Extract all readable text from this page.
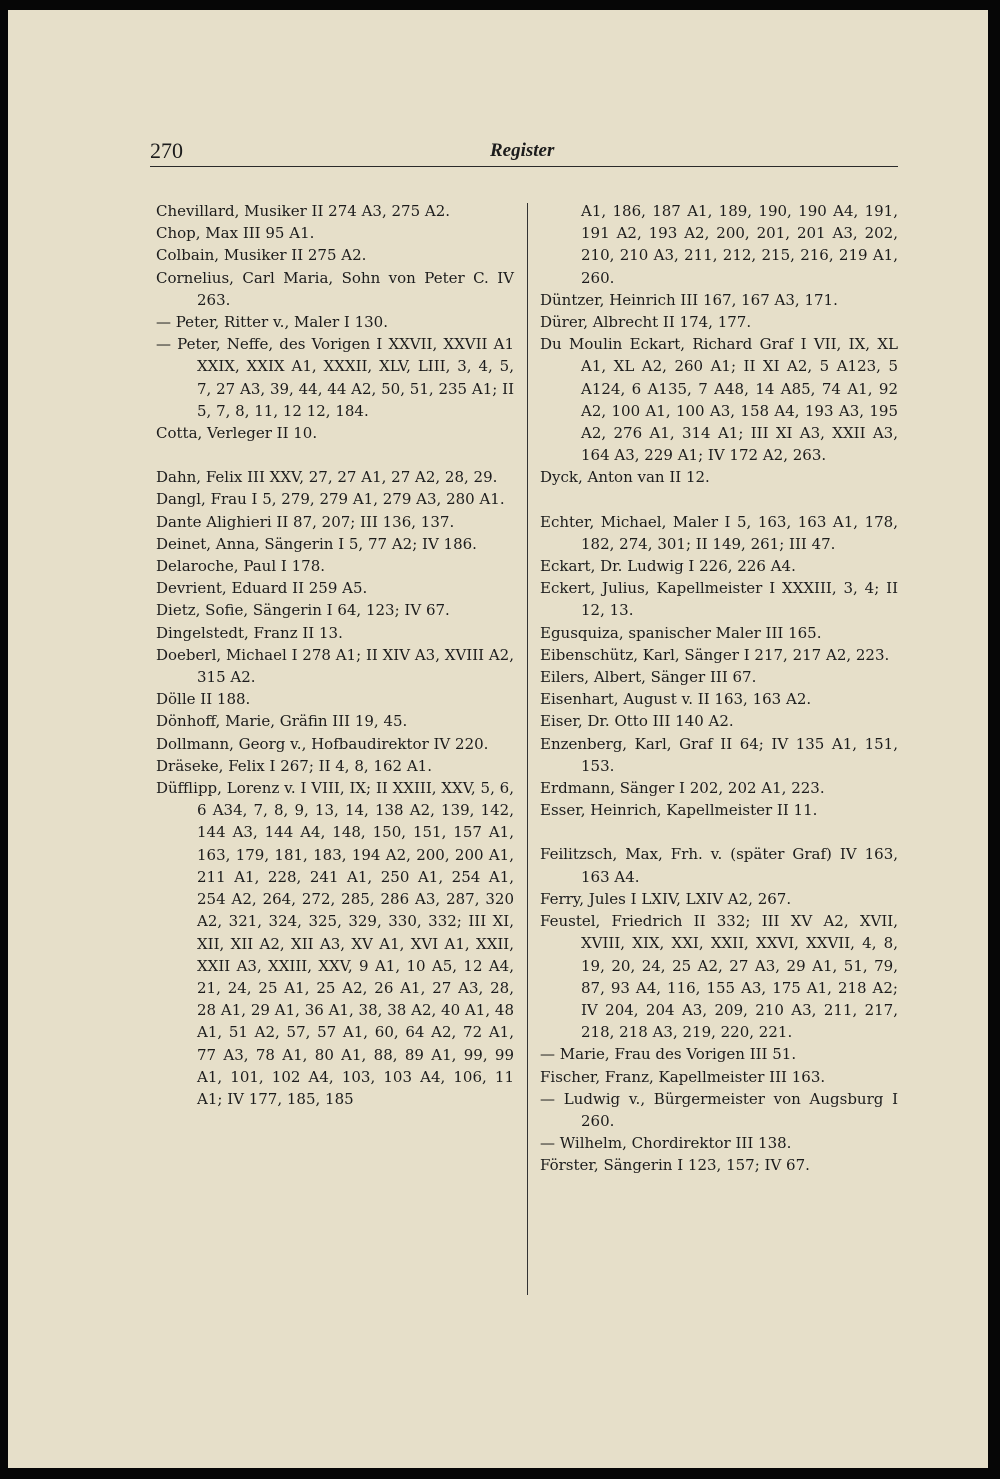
270	Register

Chevillard, Musiker II 274 A3, 275 A2.

Chop, Max III 95 A1.

Colbain, Musiker II 275 A2.

Cornelius, Carl Maria, Sohn von Peter C. IV 263.

— Peter, Ritter v., Maler I 130.

— Peter, Neffe, des Vorigen I XXVII, XXVII A1 XXIX, XXIX A1, XXXII, XLV, LIII, 3, 4, 5, 7, 27 A3, 39, 44, 44 A2, 50, 51, 235 A1; II 5, 7, 8, 11, 12 12, 184.

Cotta, Verleger II 10.

Dahn, Felix III XXV, 27, 27 A1, 27 A2, 28, 29.

Dangl, Frau I 5, 279, 279 A1, 279 A3, 280 A1.

Dante Alighieri II 87, 207; III 136, 137.

Deinet, Anna, Sängerin I 5, 77 A2; IV 186.

Delaroche, Paul I 178.

Devrient, Eduard II 259 A5.

Dietz, Sofie, Sängerin I 64, 123; IV 67.

Dingelstedt, Franz II 13.

Doeberl, Michael I 278 A1; II XIV A3, XVIII A2, 315 A2.

Dölle II 188.

Dönhoff, Marie, Gräfin III 19, 45.

Dollmann, Georg v., Hofbaudirektor IV 220.

Dräseke, Felix I 267; II 4, 8, 162 A1.

Düfflipp, Lorenz v. I VIII, IX; II XXIII, XXV, 5, 6, 6 A34, 7, 8, 9, 13, 14, 138 A2, 139, 142, 144 A3, 144 A4, 148, 150, 151, 157 A1, 163, 179, 181, 183, 194 A2, 200, 200 A1, 211 A1, 228, 241 A1, 250 A1, 254 A1, 254 A2, 264, 272, 285, 286 A3, 287, 320 A2, 321, 324, 325, 329, 330, 332; III XI, XII, XII A2, XII A3, XV A1, XVI A1, XXII, XXII A3, XXIII, XXV, 9 A1, 10 A5, 12 A4, 21, 24, 25 A1, 25 A2, 26 A1, 27 A3, 28, 28 A1, 29 A1, 36 A1, 38, 38 A2, 40 A1, 48 A1, 51 A2, 57, 57 A1, 60, 64 A2, 72 A1, 77 A3, 78 A1, 80 A1, 88, 89 A1, 99, 99 A1, 101, 102 A4, 103, 103 A4, 106, 11 A1; IV 177, 185, 185

A1, 186, 187 A1, 189, 190, 190 A4, 191, 191 A2, 193 A2, 200, 201, 201 A3, 202, 210, 210 A3, 211, 212, 215, 216, 219 A1, 260.

Düntzer, Heinrich III 167, 167 A3, 171.

Dürer, Albrecht II 174, 177.

Du Moulin Eckart, Richard Graf I VII, IX, XL A1, XL A2, 260 A1; II XI A2, 5 A123, 5 A124, 6 A135, 7 A48, 14 A85, 74 A1, 92 A2, 100 A1, 100 A3, 158 A4, 193 A3, 195 A2, 276 A1, 314 A1; III XI A3, XXII A3, 164 A3, 229 A1; IV 172 A2, 263.

Dyck, Anton van II 12.

Echter, Michael, Maler I 5, 163, 163 A1, 178, 182, 274, 301; II 149, 261; III 47.

Eckart, Dr. Ludwig I 226, 226 A4.

Eckert, Julius, Kapellmeister I XXXIII, 3, 4; II 12, 13.

Egusquiza, spanischer Maler III 165.

Eibenschütz, Karl, Sänger I 217, 217 A2, 223.

Eilers, Albert, Sänger III 67.

Eisenhart, August v. II 163, 163 A2.

Eiser, Dr. Otto III 140 A2.

Enzenberg, Karl, Graf II 64; IV 135 A1, 151, 153.

Erdmann, Sänger I 202, 202 A1, 223.

Esser, Heinrich, Kapellmeister II 11.

Feilitzsch, Max, Frh. v. (später Graf) IV 163, 163 A4.

Ferry, Jules I LXIV, LXIV A2, 267.

Feustel, Friedrich II 332; III XV A2, XVII, XVIII, XIX, XXI, XXII, XXVI, XXVII, 4, 8, 19, 20, 24, 25 A2, 27 A3, 29 A1, 51, 79, 87, 93 A4, 116, 155 A3, 175 A1, 218 A2; IV 204, 204 A3, 209, 210 A3, 211, 217, 218, 218 A3, 219, 220, 221.

— Marie, Frau des Vorigen III 51.

Fischer, Franz, Kapellmeister III 163.

— Ludwig v., Bürgermeister von Augsburg I 260.

— Wilhelm, Chordirektor III 138.

Förster, Sängerin I 123, 157; IV 67.
